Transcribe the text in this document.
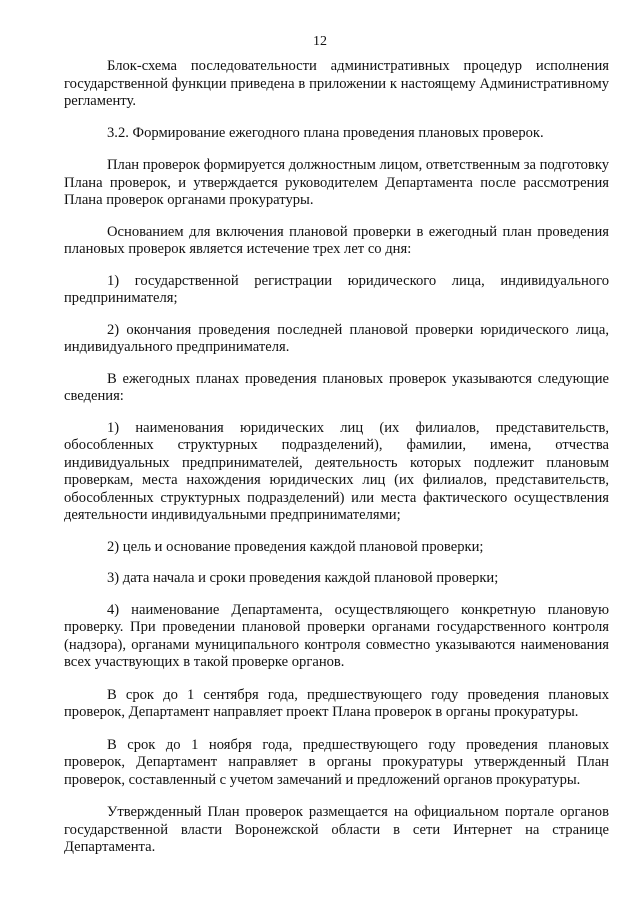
12

Блок-схема последовательности административных процедур исполнения государственной функции приведена в приложении к настоящему Административному регламенту.

3.2. Формирование ежегодного плана проведения плановых проверок.

План проверок формируется должностным лицом, ответственным за подготовку Плана проверок, и утверждается руководителем Департамента после рассмотрения Плана проверок органами прокуратуры.

Основанием для включения плановой проверки в ежегодный план проведения плановых проверок является истечение трех лет со дня:

1) государственной регистрации юридического лица, индивидуального предпринимателя;

2) окончания проведения последней плановой проверки юридического лица, индивидуального предпринимателя.

В ежегодных планах проведения плановых проверок указываются следующие сведения:

1) наименования юридических лиц (их филиалов, представительств, обособленных структурных подразделений), фамилии, имена, отчества индивидуальных предпринимателей, деятельность которых подлежит плановым проверкам, места нахождения юридических лиц (их филиалов, представительств, обособленных структурных подразделений) или места фактического осуществления деятельности индивидуальными предпринимателями;

2) цель и основание проведения каждой плановой проверки;

3) дата начала и сроки проведения каждой плановой проверки;

4) наименование Департамента, осуществляющего конкретную плановую проверку. При проведении плановой проверки органами государственного контроля (надзора), органами муниципального контроля совместно указываются наименования всех участвующих в такой проверке органов.

В срок до 1 сентября года, предшествующего году проведения плановых проверок, Департамент направляет проект Плана проверок в органы прокуратуры.

В срок до 1 ноября года, предшествующего году проведения плановых проверок, Департамент направляет в органы прокуратуры утвержденный План проверок, составленный с учетом замечаний и предложений органов прокуратуры.

Утвержденный План проверок размещается на официальном портале органов государственной власти Воронежской области в сети Интернет на странице Департамента.
